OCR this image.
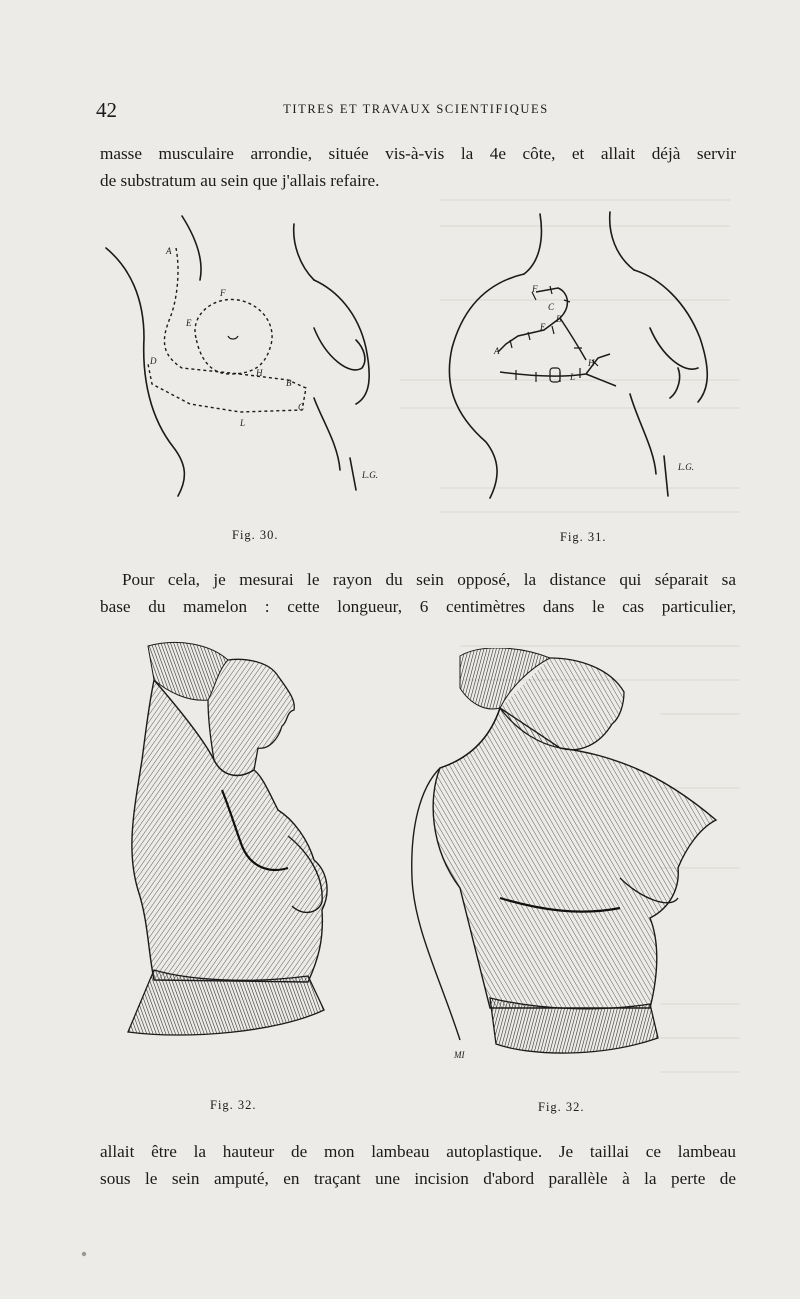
42	TITRES ET TRAVAUX SCIENTIFIQUES

masse musculaire arrondie, située vis-à-vis la 4e côte, et allait déjà servir
de substratum au sein que j'allais refaire.

A
F
E
D
H
B
C
L
L.G.
Fig. 30.
F
C
B
E
A
H
L
L.G.
Fig. 31.

Pour cela, je mesurai le rayon du sein opposé, la distance qui séparait sa
base du mamelon : cette longueur, 6 centimètres dans le cas particulier,

Fig. 32.
MI
Fig. 32.

allait être la hauteur de mon lambeau autoplastique. Je taillai ce lambeau
sous le sein amputé, en traçant une incision d'abord parallèle à la perte de
